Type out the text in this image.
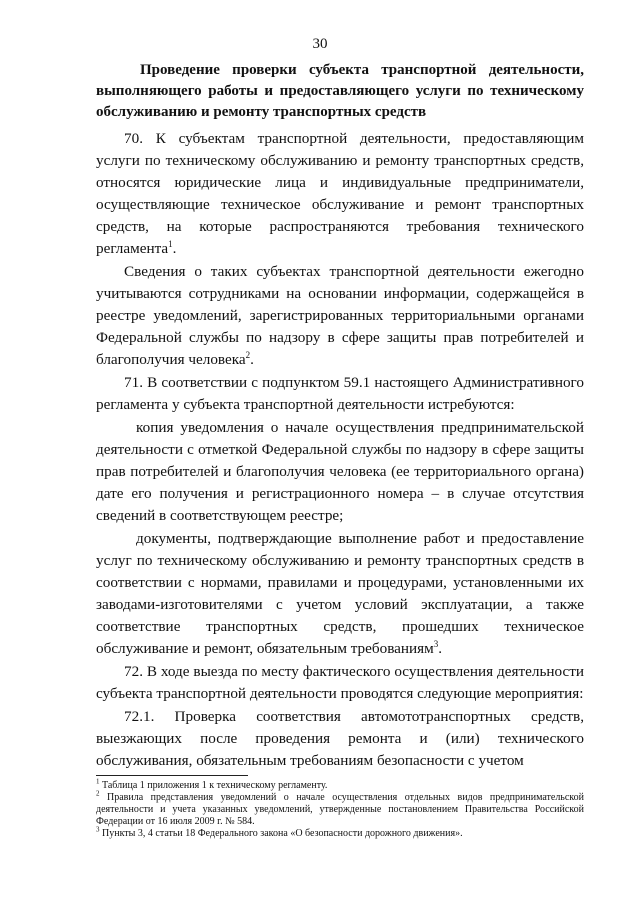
30
Проведение проверки субъекта транспортной деятельности, выполняющего работы и предоставляющего услуги по техническому обслуживанию и ремонту транспортных средств

70. К субъектам транспортной деятельности, предоставляющим услуги по техническому обслуживанию и ремонту транспортных средств, относятся юридические лица и индивидуальные предприниматели, осуществляющие техническое обслуживание и ремонт транспортных средств, на которые распространяются требования технического регламента$^1$.

Сведения о таких субъектах транспортной деятельности ежегодно учитываются сотрудниками на основании информации, содержащейся в реестре уведомлений, зарегистрированных территориальными органами Федеральной службы по надзору в сфере защиты прав потребителей и благополучия человека$^2$.

71. В соответствии с подпунктом 59.1 настоящего Административного регламента у субъекта транспортной деятельности истребуются:

копия уведомления о начале осуществления предпринимательской деятельности с отметкой Федеральной службы по надзору в сфере защиты прав потребителей и благополучия человека (ее территориального органа) дате его получения и регистрационного номера – в случае отсутствия сведений в соответствующем реестре;

документы, подтверждающие выполнение работ и предоставление услуг по техническому обслуживанию и ремонту транспортных средств в соответствии с нормами, правилами и процедурами, установленными их заводами-изготовителями с учетом условий эксплуатации, а также соответствие транспортных средств, прошедших техническое обслуживание и ремонт, обязательным требованиям$^3$.

72. В ходе выезда по месту фактического осуществления деятельности субъекта транспортной деятельности проводятся следующие мероприятия:

72.1. Проверка соответствия автомототранспортных средств, выезжающих после проведения ремонта и (или) технического обслуживания, обязательным требованиям безопасности с учетом

$^1$ Таблица 1 приложения 1 к техническому регламенту.

$^2$ Правила представления уведомлений о начале осуществления отдельных видов предпринимательской деятельности и учета указанных уведомлений, утвержденные постановлением Правительства Российской Федерации от 16 июля 2009 г. № 584.

$^3$ Пункты 3, 4 статьи 18 Федерального закона «О безопасности дорожного движения».
